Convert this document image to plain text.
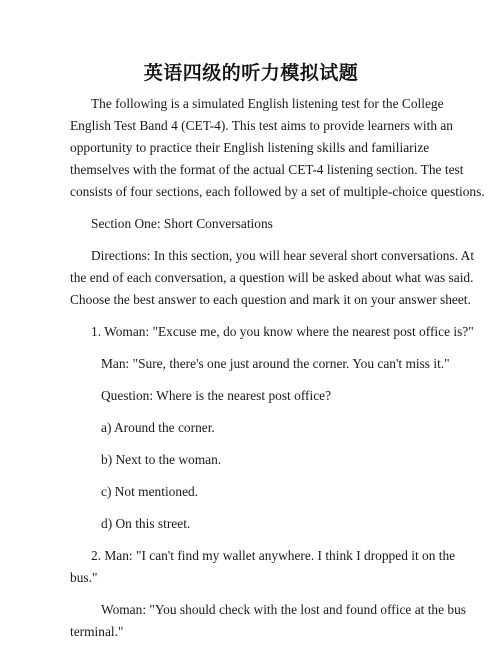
英语四级的听力模拟试题
The following is a simulated English listening test for the College
English Test Band 4 (CET-4). This test aims to provide learners with an
opportunity to practice their English listening skills and familiarize
themselves with the format of the actual CET-4 listening section. The test
consists of four sections, each followed by a set of multiple-choice questions.
Section One: Short Conversations
Directions: In this section, you will hear several short conversations. At
the end of each conversation, a question will be asked about what was said.
Choose the best answer to each question and mark it on your answer sheet.
1. Woman: "Excuse me, do you know where the nearest post office is?"
Man: "Sure, there's one just around the corner. You can't miss it."
Question: Where is the nearest post office?
a) Around the corner.
b) Next to the woman.
c) Not mentioned.
d) On this street.
2. Man: "I can't find my wallet anywhere. I think I dropped it on the
bus."
Woman: "You should check with the lost and found office at the bus
terminal."
